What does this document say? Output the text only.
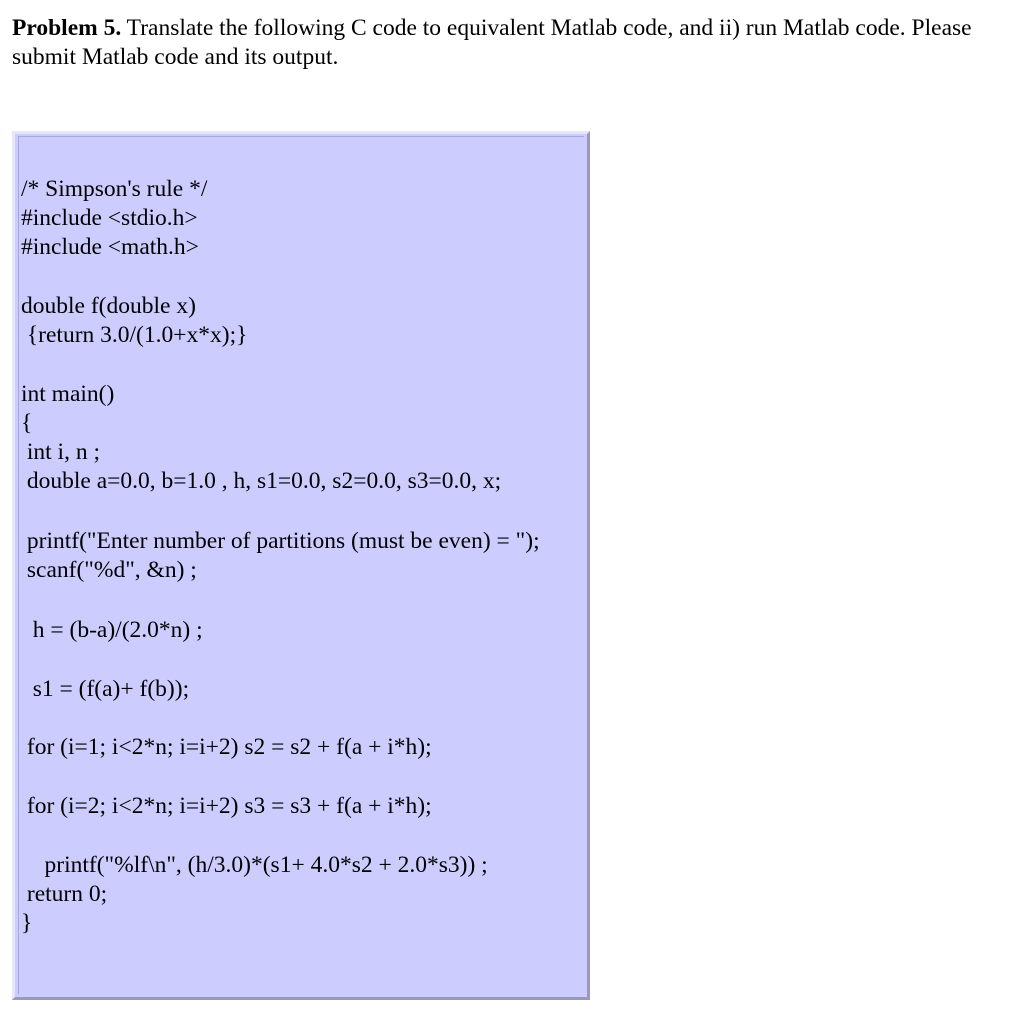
Problem 5. Translate the following C code to equivalent Matlab code, and ii) run Matlab code. Please submit Matlab code and its output.
/* Simpson's rule */
#include <stdio.h>
#include <math.h>
double f(double x)
{return 3.0/(1.0+x*x);}
int main()
{
int i, n ;
double a=0.0, b=1.0 , h, s1=0.0, s2=0.0, s3=0.0, x;
printf("Enter number of partitions (must be even) = ");
scanf("%d", &n) ;
h = (b-a)/(2.0*n) ;
s1 = (f(a)+ f(b));
for (i=1; i<2*n; i=i+2) s2 = s2 + f(a + i*h);
for (i=2; i<2*n; i=i+2) s3 = s3 + f(a + i*h);
printf("%lf\n", (h/3.0)*(s1+ 4.0*s2 + 2.0*s3)) ;
return 0;
}
